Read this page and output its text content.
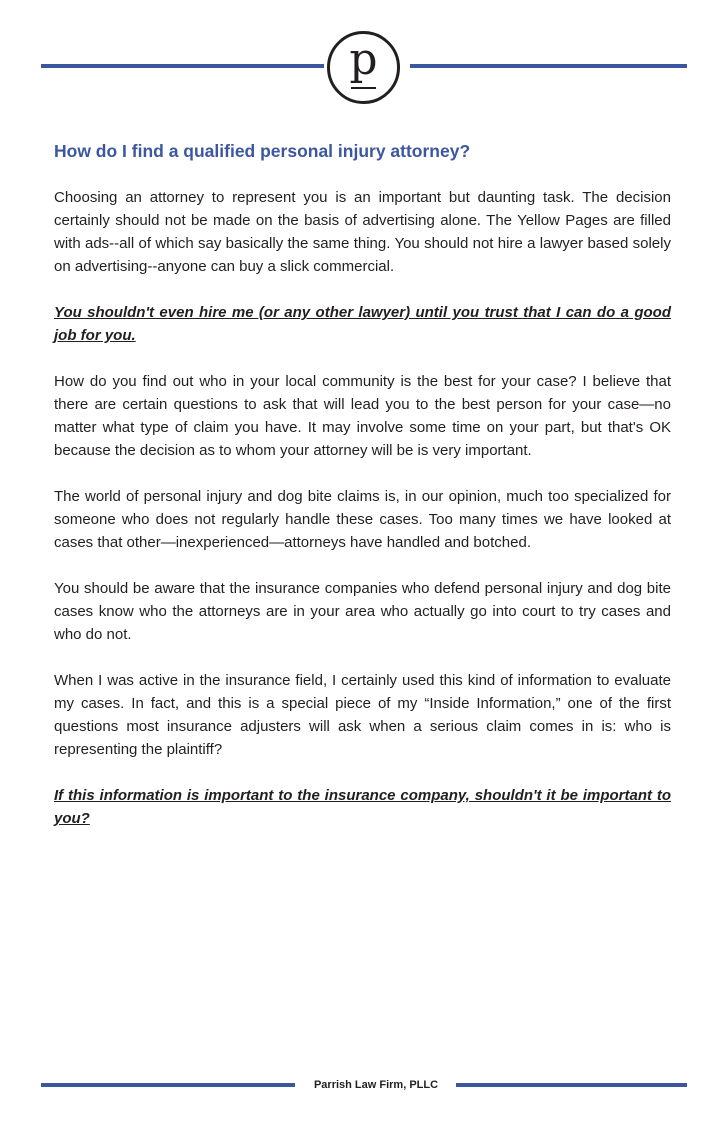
p
How do I find a qualified personal injury attorney?

Choosing an attorney to represent you is an important but daunting task. The decision certainly should not be made on the basis of advertising alone. The Yellow Pages are filled with ads--all of which say basically the same thing. You should not hire a lawyer based solely on advertising--anyone can buy a slick commercial.

You shouldn't even hire me (or any other lawyer) until you trust that I can do a good job for you.

How do you find out who in your local community is the best for your case? I believe that there are certain questions to ask that will lead you to the best person for your case—no matter what type of claim you have. It may involve some time on your part, but that's OK because the decision as to whom your attorney will be is very important.

The world of personal injury and dog bite claims is, in our opinion, much too specialized for someone who does not regularly handle these cases. Too many times we have looked at cases that other—inexperienced—attorneys have handled and botched.

You should be aware that the insurance companies who defend personal injury and dog bite cases know who the attorneys are in your area who actually go into court to try cases and who do not.

When I was active in the insurance field, I certainly used this kind of information to evaluate my cases. In fact, and this is a special piece of my “Inside Information,” one of the first questions most insurance adjusters will ask when a serious claim comes in is: who is representing the plaintiff?

If this information is important to the insurance company, shouldn't it be important to you?

Parrish Law Firm, PLLC
